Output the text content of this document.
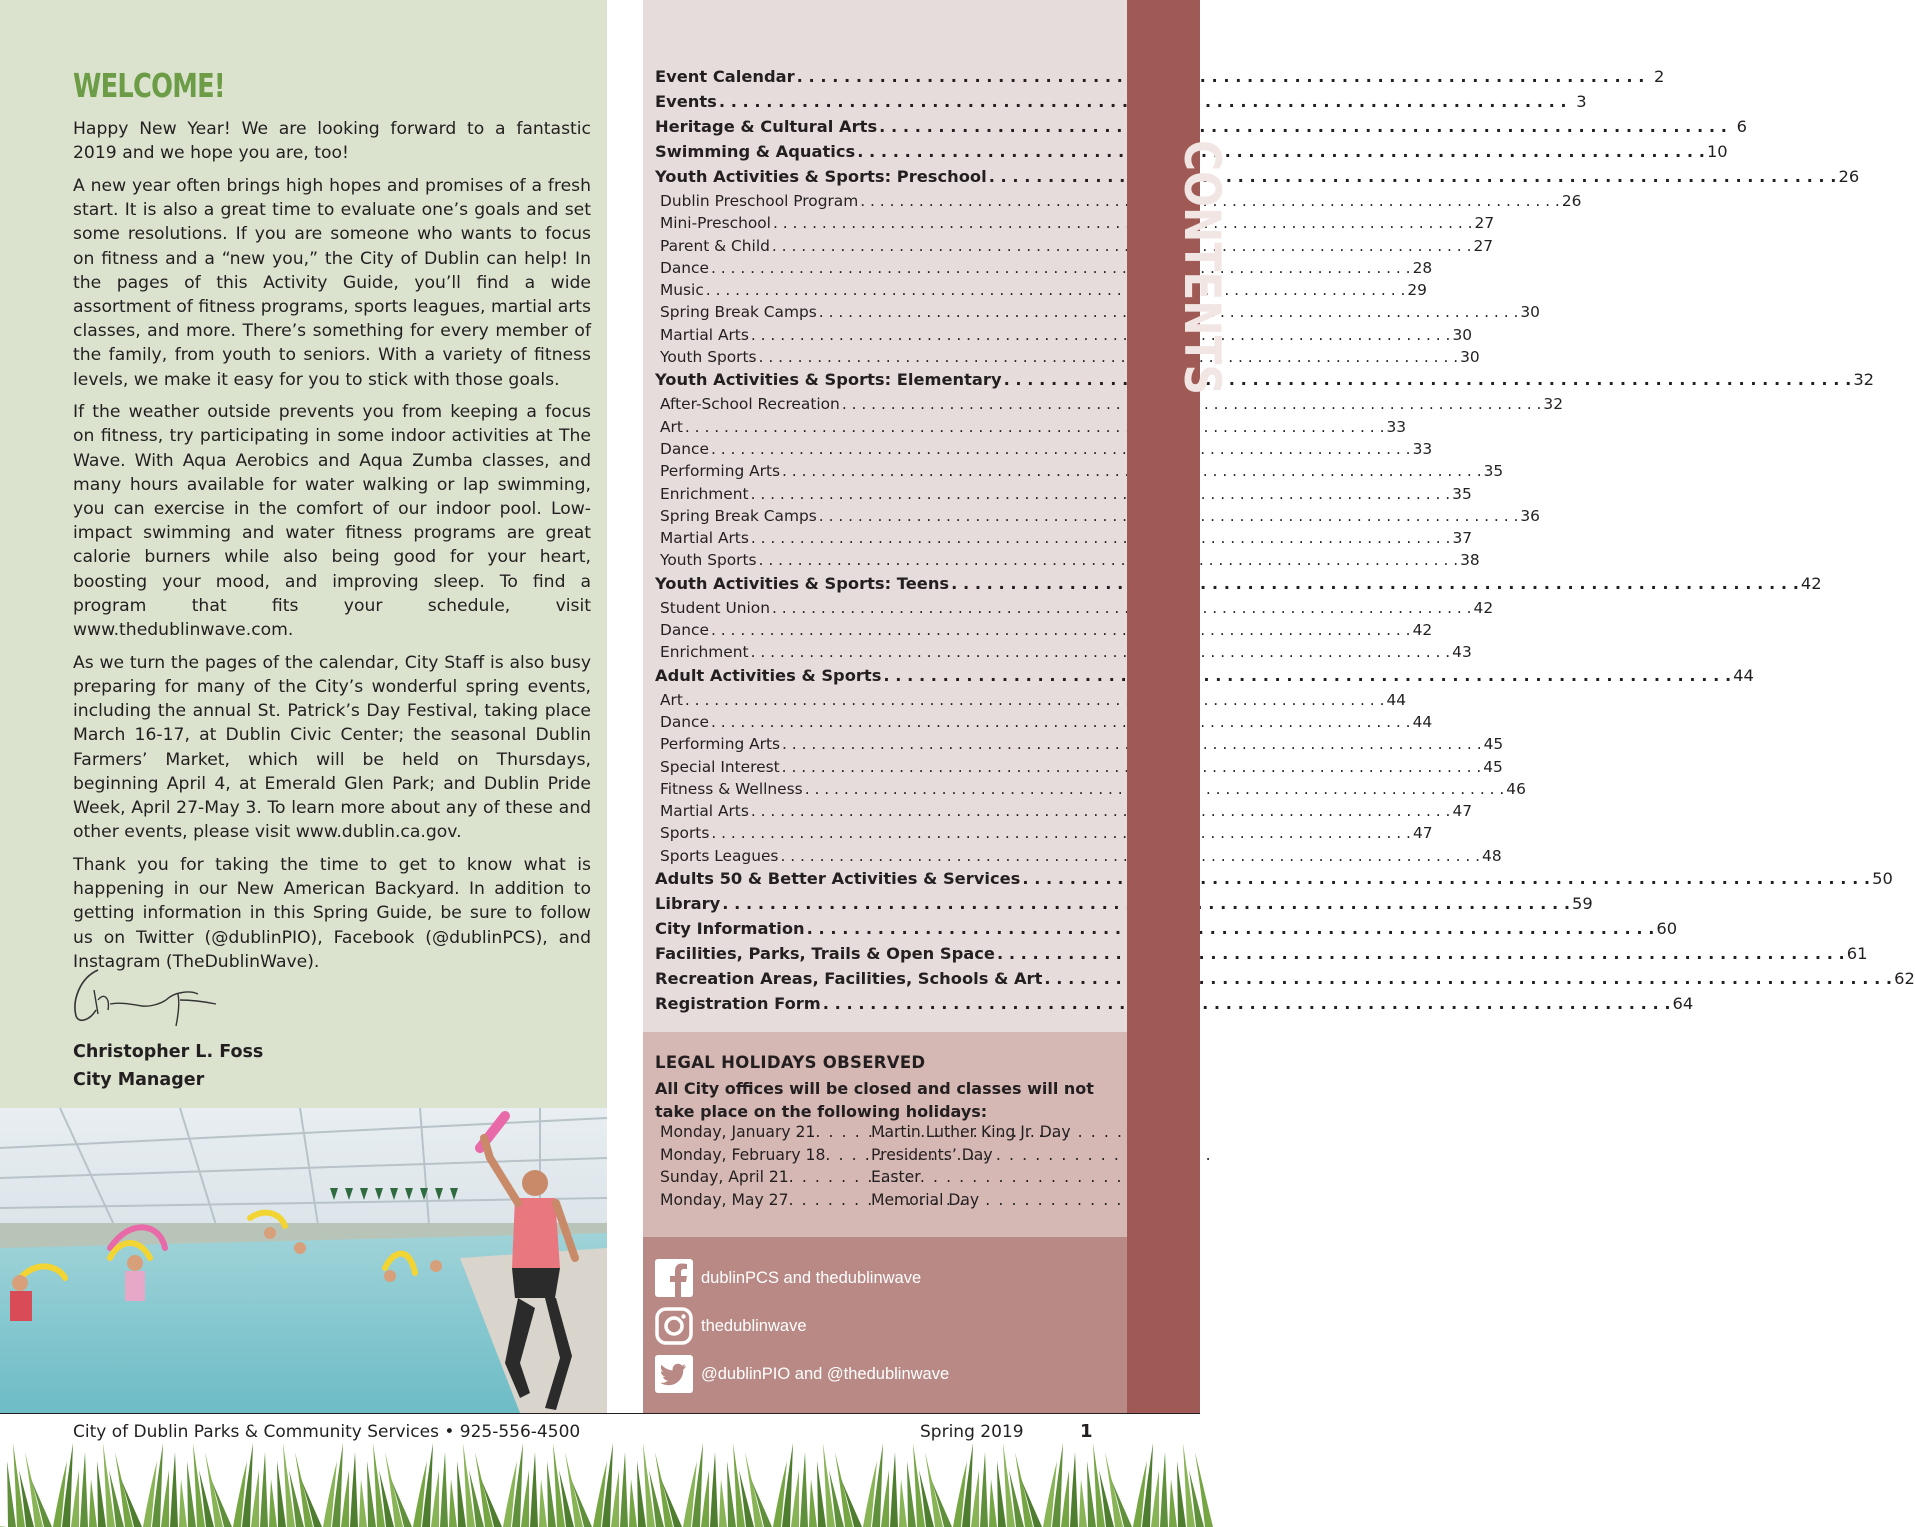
WELCOME!

Happy New Year! We are looking forward to a fantastic 2019 and we hope you are, too!

A new year often brings high hopes and promises of a fresh start. It is also a great time to evaluate one’s goals and set some resolutions. If you are someone who wants to focus on fitness and a “new you,” the City of Dublin can help! In the pages of this Activity Guide, you’ll find a wide assortment of fitness programs, sports leagues, martial arts classes, and more. There’s something for every member of the family, from youth to seniors. With a variety of fitness levels, we make it easy for you to stick with those goals.

If the weather outside prevents you from keeping a focus on fitness, try participating in some indoor activities at The Wave. With Aqua Aerobics and Aqua Zumba classes, and many hours available for water walking or lap swimming, you can exercise in the comfort of our indoor pool. Low-impact swimming and water fitness programs are great calorie burners while also being good for your heart, boosting your mood, and improving sleep. To find a program that fits your schedule, visit www.thedublinwave.com.

As we turn the pages of the calendar, City Staff is also busy preparing for many of the City’s wonderful spring events, including the annual St. Patrick’s Day Festival, taking place March 16-17, at Dublin Civic Center; the seasonal Dublin Farmers’ Market, which will be held on Thursdays, beginning April 4, at Emerald Glen Park; and Dublin Pride Week, April 27-May 3. To learn more about any of these and other events, please visit www.dublin.ca.gov.

Thank you for taking the time to get to know what is happening in our New American Backyard. In addition to getting information in this Spring Guide, be sure to follow us on Twitter (@dublinPIO), Facebook (@dublinPCS), and Instagram (TheDublinWave).

Christopher L. Foss
City Manager
Event Calendar . . .	2
Events . . .	3
Heritage & Cultural Arts . . .	6
Swimming & Aquatics . . .	10
Youth Activities & Sports: Preschool . . .	26
Dublin Preschool Program . . .	26
Mini-Preschool . . .	27
Parent & Child . . .	27
Dance . . .	28
Music . . .	29
Spring Break Camps . . .	30
Martial Arts . . .	30
Youth Sports . . .	30
Youth Activities & Sports: Elementary . . .	32
After-School Recreation . . .	32
Art . . .	33
Dance . . .	33
Performing Arts . . .	35
Enrichment . . .	35
Spring Break Camps . . .	36
Martial Arts . . .	37
Youth Sports . . .	38
Youth Activities & Sports: Teens . . .	42
Student Union . . .	42
Dance . . .	42
Enrichment . . .	43
Adult Activities & Sports . . .	44
Art . . .	44
Dance . . .	44
Performing Arts . . .	45
Special Interest . . .	45
Fitness & Wellness . . .	46
Martial Arts . . .	47
Sports . . .	47
Sports Leagues . . .	48
Adults 50 & Better Activities & Services . . .	50
Library . . .	59
City Information . . .	60
Facilities, Parks, Trails & Open Space . . .	61
Recreation Areas, Facilities, Schools & Art . . .	62
Registration Form . . .	64
LEGAL HOLIDAYS OBSERVED
All City offices will be closed and classes will not take place on the following holidays:
Monday, January 21 . . .	Martin Luther King Jr. Day
Monday, February 18 . . .	Presidents’ Day
Sunday, April 21 . . .	Easter
Monday, May 27 . . .	Memorial Day
dublinPCS and thedublinwave
thedublinwave
@dublinPIO and @thedublinwave
CONTENTS
City of Dublin Parks & Community Services • 925-556-4500	Spring 2019	1
